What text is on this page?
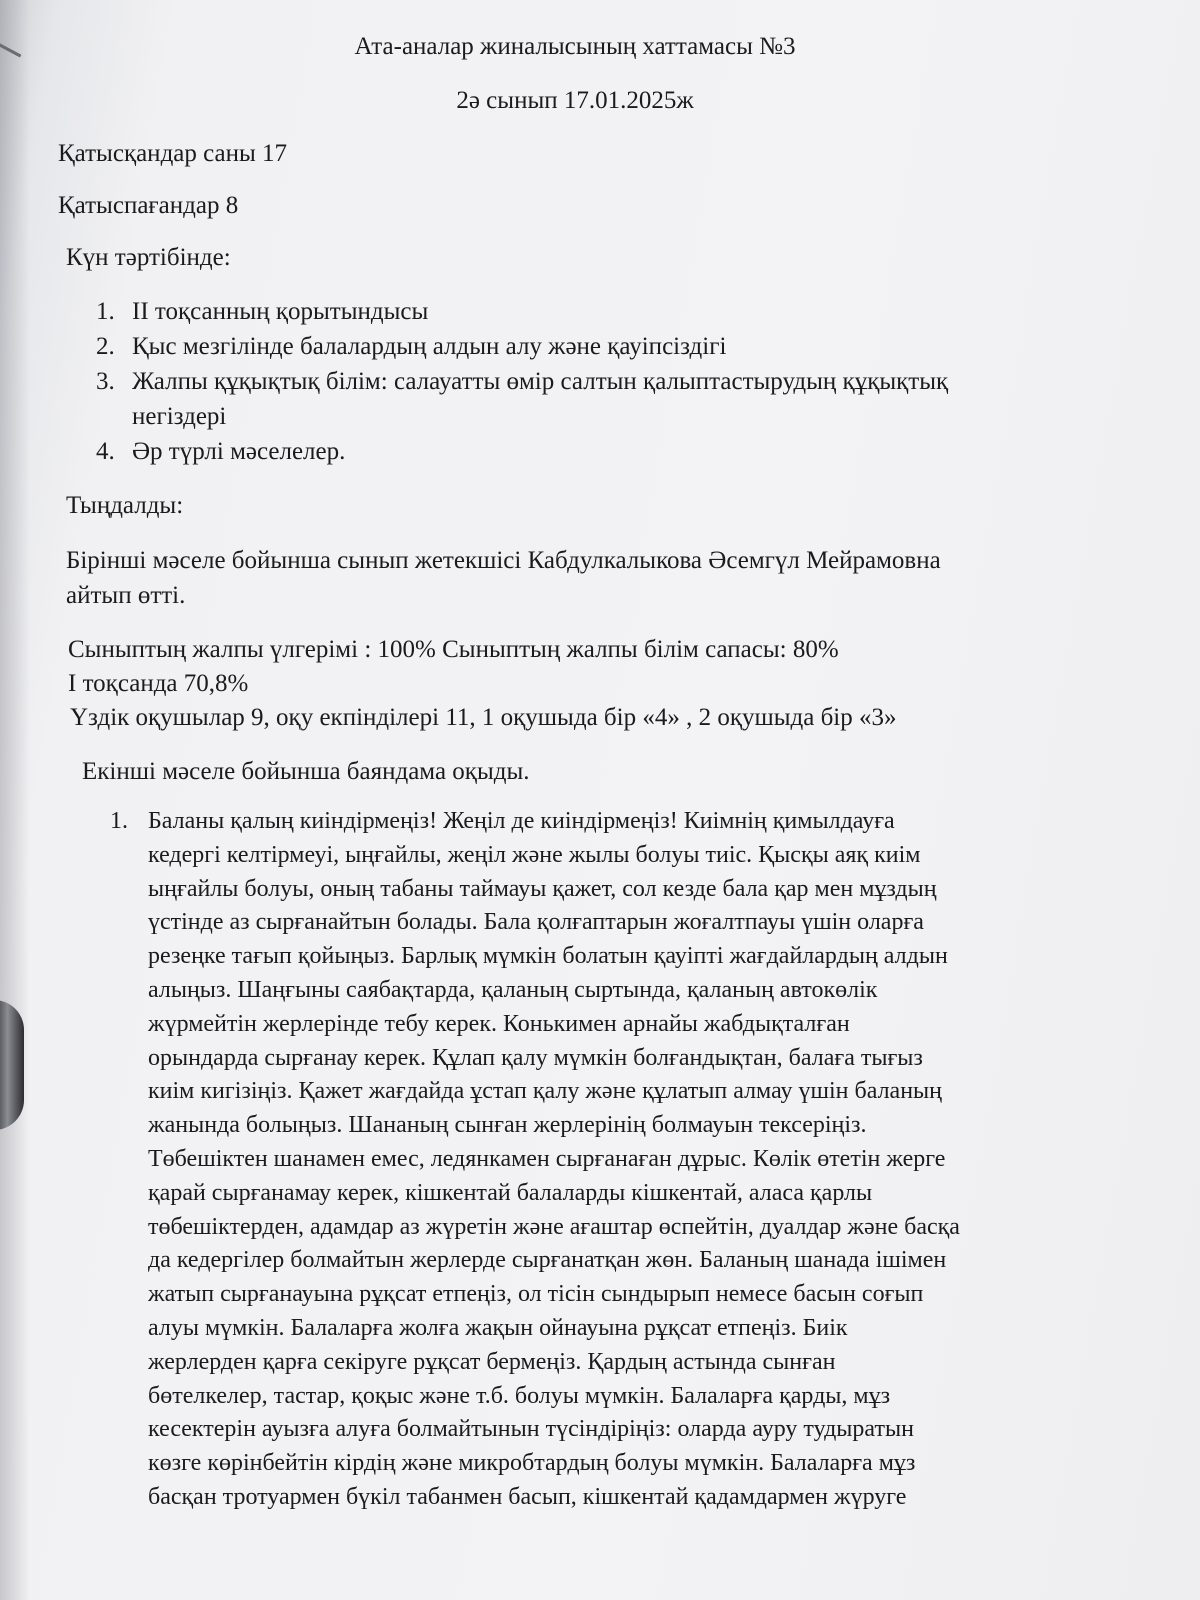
Ата-аналар жиналысының хаттамасы №3
2ә сынып 17.01.2025ж
Қатысқандар саны 17
Қатыспағандар 8
Күн тәртібінде:
1. II тоқсанның қорытындысы
2. Қыс мезгілінде балалардың алдын алу және қауіпсіздігі
3. Жалпы құқықтық білім: салауатты өмір салтын қалыптастырудың құқықтық
негіздері
4. Әр түрлі мәселелер.
Тыңдалды:
Бірінші мәселе бойынша сынып жетекшісі Кабдулкалыкова Әсемгүл Мейрамовна
айтып өтті.
Сыныптың жалпы үлгерімі : 100% Сыныптың жалпы білім сапасы: 80%
I тоқсанда 70,8%
Үздік оқушылар 9, оқу екпінділері 11, 1 оқушыда бір «4» , 2 оқушыда бір «3»
Екінші мәселе бойынша баяндама оқыды.
1. Баланы қалың киіндірмеңіз! Жеңіл де киіндірмеңіз! Киімнің қимылдауға
кедергі келтірмеуі, ыңғайлы, жеңіл және жылы болуы тиіс. Қысқы аяқ киім
ыңғайлы болуы, оның табаны таймауы қажет, сол кезде бала қар мен мұздың
үстінде аз сырғанайтын болады. Бала қолғаптарын жоғалтпауы үшін оларға
резеңке тағып қойыңыз. Барлық мүмкін болатын қауіпті жағдайлардың алдын
алыңыз. Шаңғыны саябақтарда, қаланың сыртында, қаланың автокөлік
жүрмейтін жерлерінде тебу керек. Конькимен арнайы жабдықталған
орындарда сырғанау керек. Құлап қалу мүмкін болғандықтан, балаға тығыз
киім кигізіңіз. Қажет жағдайда ұстап қалу және құлатып алмау үшін баланың
жанында болыңыз. Шананың сынған жерлерінің болмауын тексеріңіз.
Төбешіктен шанамен емес, ледянкамен сырғанаған дұрыс. Көлік өтетін жерге
қарай сырғанамау керек, кішкентай балаларды кішкентай, аласа қарлы
төбешіктерден, адамдар аз жүретін және ағаштар өспейтін, дуалдар және басқа
да кедергілер болмайтын жерлерде сырғанатқан жөн. Баланың шанада ішімен
жатып сырғанауына рұқсат етпеңіз, ол тісін сындырып немесе басын соғып
алуы мүмкін. Балаларға жолға жақын ойнауына рұқсат етпеңіз. Биік
жерлерден қарға секіруге рұқсат бермеңіз. Қардың астында сынған
бөтелкелер, тастар, қоқыс және т.б. болуы мүмкін. Балаларға қарды, мұз
кесектерін ауызға алуға болмайтынын түсіндіріңіз: оларда ауру тудыратын
көзге көрінбейтін кірдің және микробтардың болуы мүмкін. Балаларға мұз
басқан тротуармен бүкіл табанмен басып, кішкентай қадамдармен жүруге
